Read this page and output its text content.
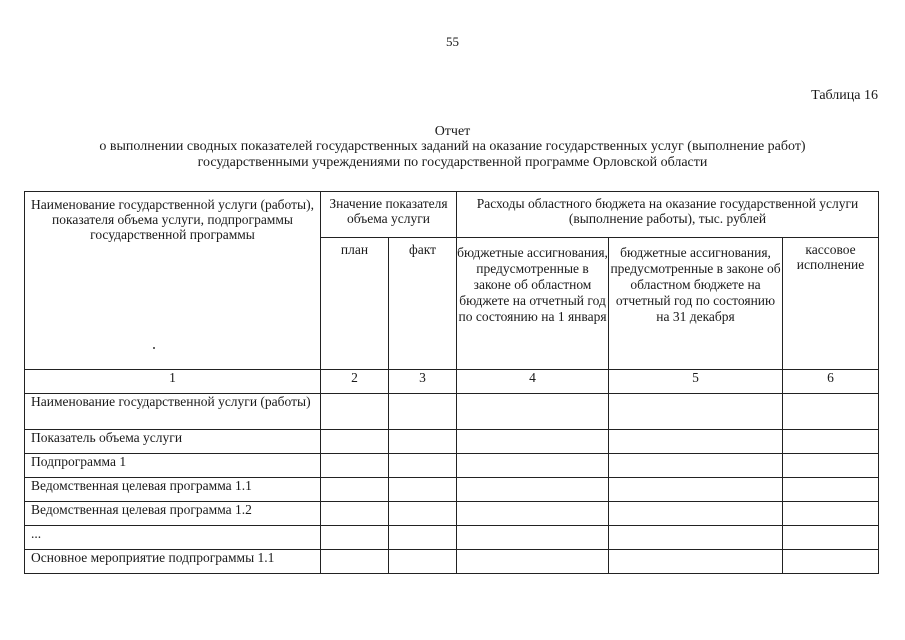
55
Таблица 16
Отчет
о выполнении сводных показателей государственных заданий на оказание государственных услуг (выполнение работ)
государственными учреждениями по государственной программе Орловской области
Наименование государственной услуги (работы), показателя объема услуги, подпрограммы государственной программы	Значение показателя объема услуги		Расходы областного бюджета на оказание государственной услуги (выполнение работы), тыс. рублей		
	план	факт	бюджетные ассигнования, предусмотренные в законе об областном бюджете на отчетный год по состоянию на 1 января	бюджетные ассигнования, предусмотренные в законе об областном бюджете на отчетный год по состоянию на 31 декабря	кассовое исполнение
1	2	3	4	5	6
Наименование государственной услуги (работы)					
Показатель объема услуги					
Подпрограмма 1					
Ведомственная целевая программа 1.1					
Ведомственная целевая программа 1.2					
...					
Основное мероприятие подпрограммы 1.1					
